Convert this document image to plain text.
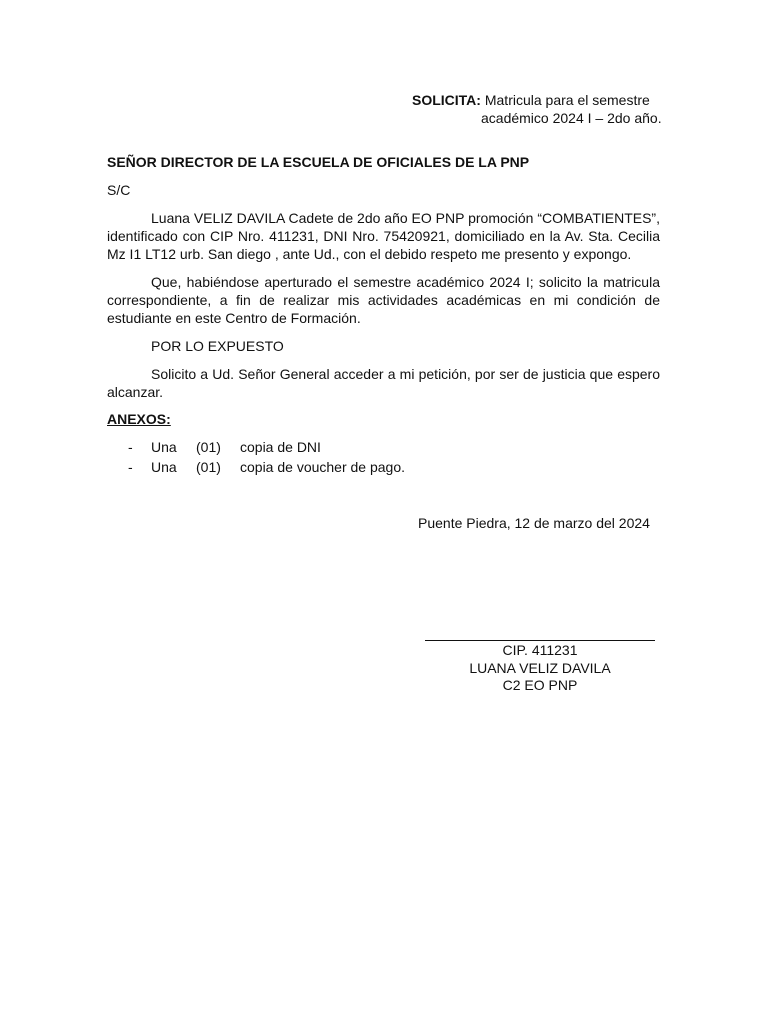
SOLICITA: Matricula para el semestre
académico 2024 I – 2do año.
SEÑOR DIRECTOR DE LA ESCUELA DE OFICIALES DE LA PNP
S/C
Luana VELIZ DAVILA Cadete de 2do año EO PNP promoción “COMBATIENTES”, identificado con CIP Nro. 411231, DNI Nro. 75420921, domiciliado en la Av. Sta. Cecilia Mz I1 LT12 urb. San diego , ante Ud., con el debido respeto me presento y expongo.
Que, habiéndose aperturado el semestre académico 2024 I; solicito la matricula correspondiente, a fin de realizar mis actividades académicas en mi condición de estudiante en este Centro de Formación.
POR LO EXPUESTO
Solicito a Ud. Señor General acceder a mi petición, por ser de justicia que espero alcanzar.
ANEXOS:
- Una (01) copia de DNI
- Una (01) copia de voucher de pago.
Puente Piedra, 12 de marzo del 2024
CIP. 411231
LUANA VELIZ DAVILA
C2 EO PNP
